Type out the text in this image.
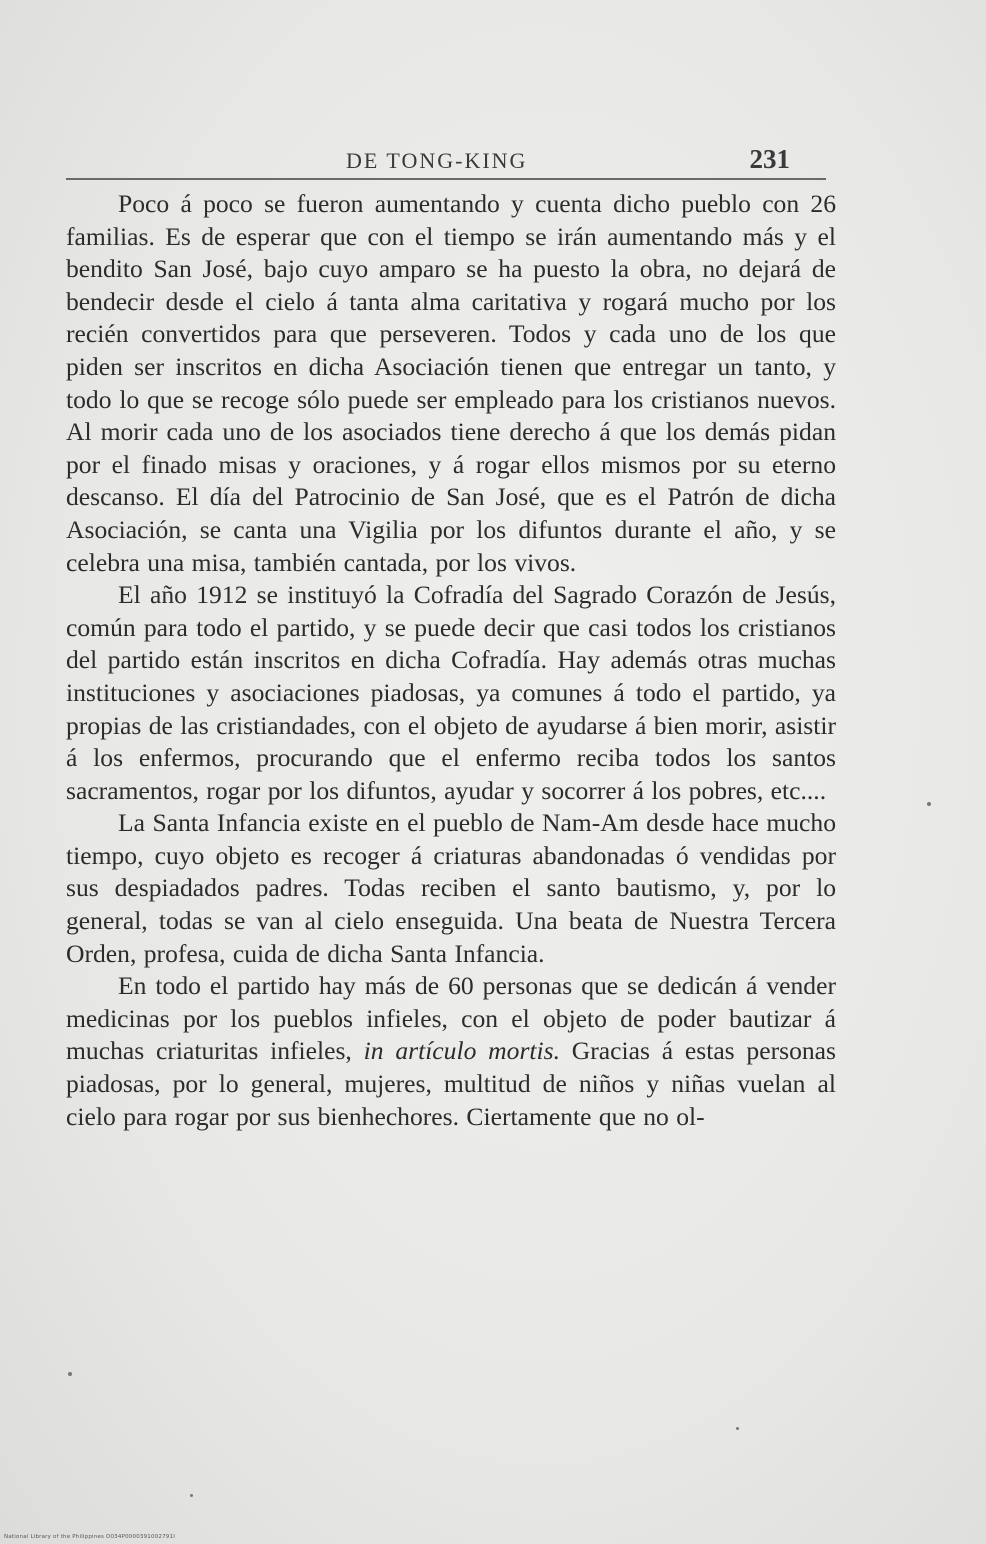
DE TONG-KING	231

Poco á poco se fueron aumentando y cuenta dicho pueblo con 26 familias. Es de esperar que con el tiempo se irán aumentando más y el bendito San José, bajo cuyo amparo se ha puesto la obra, no dejará de bendecir desde el cielo á tanta alma caritativa y rogará mucho por los recién convertidos para que perseveren. Todos y cada uno de los que piden ser inscritos en dicha Asociación tienen que entregar un tanto, y todo lo que se recoge sólo puede ser empleado para los cristianos nuevos. Al morir cada uno de los asociados tiene derecho á que los demás pidan por el finado misas y oraciones, y á rogar ellos mismos por su eterno descanso. El día del Patrocinio de San José, que es el Patrón de dicha Asociación, se canta una Vigilia por los difuntos durante el año, y se celebra una misa, también cantada, por los vivos.

El año 1912 se instituyó la Cofradía del Sagrado Corazón de Jesús, común para todo el partido, y se puede decir que casi todos los cristianos del partido están inscritos en dicha Cofradía. Hay además otras muchas instituciones y asociaciones piadosas, ya comunes á todo el partido, ya propias de las cristiandades, con el objeto de ayudarse á bien morir, asistir á los enfermos, procurando que el enfermo reciba todos los santos sacramentos, rogar por los difuntos, ayudar y socorrer á los pobres, etc....

La Santa Infancia existe en el pueblo de Nam-Am desde hace mucho tiempo, cuyo objeto es recoger á criaturas abandonadas ó vendidas por sus despiadados padres. Todas reciben el santo bautismo, y, por lo general, todas se van al cielo enseguida. Una beata de Nuestra Tercera Orden, profesa, cuida de dicha Santa Infancia.

En todo el partido hay más de 60 personas que se dedicán á vender medicinas por los pueblos infieles, con el objeto de poder bautizar á muchas criaturitas infieles, in artículo mortis. Gracias á estas personas piadosas, por lo general, mujeres, multitud de niños y niñas vuelan al cielo para rogar por sus bienhechores. Ciertamente que no ol-

National Library of the Philippines D034P0000391002791I
